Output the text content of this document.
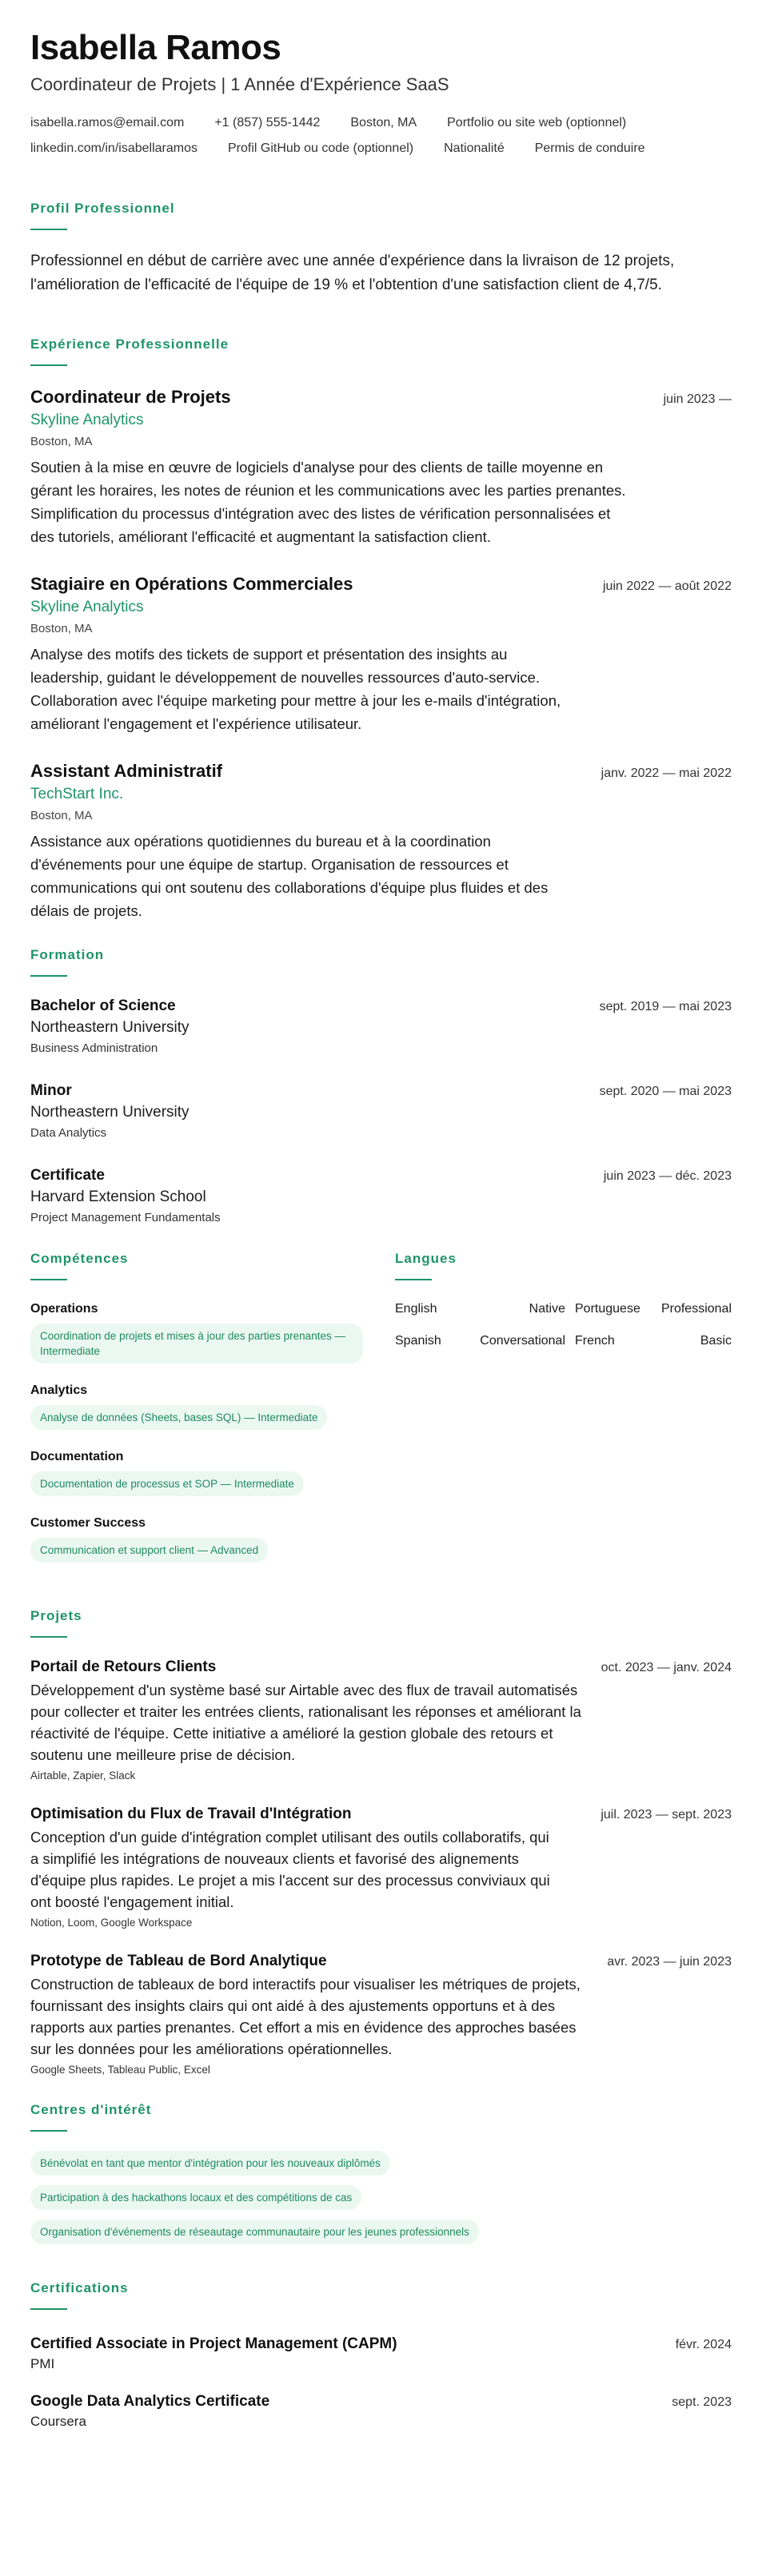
Isabella Ramos
Coordinateur de Projets | 1 Année d'Expérience SaaS
isabella.ramos@email.com +1 (857) 555-1442 Boston, MA Portfolio ou site web (optionnel)
linkedin.com/in/isabellaramos Profil GitHub ou code (optionnel) Nationalité Permis de conduire
Profil Professionnel
Professionnel en début de carrière avec une année d'expérience dans la livraison de 12 projets, l'amélioration de l'efficacité de l'équipe de 19 % et l'obtention d'une satisfaction client de 4,7/5.
Expérience Professionnelle
Coordinateur de Projets	juin 2023 —
Skyline Analytics
Boston, MA
Soutien à la mise en œuvre de logiciels d'analyse pour des clients de taille moyenne en gérant les horaires, les notes de réunion et les communications avec les parties prenantes. Simplification du processus d'intégration avec des listes de vérification personnalisées et des tutoriels, améliorant l'efficacité et augmentant la satisfaction client.
Stagiaire en Opérations Commerciales	juin 2022 — août 2022
Skyline Analytics
Boston, MA
Analyse des motifs des tickets de support et présentation des insights au leadership, guidant le développement de nouvelles ressources d'auto-service. Collaboration avec l'équipe marketing pour mettre à jour les e-mails d'intégration, améliorant l'engagement et l'expérience utilisateur.
Assistant Administratif	janv. 2022 — mai 2022
TechStart Inc.
Boston, MA
Assistance aux opérations quotidiennes du bureau et à la coordination d'événements pour une équipe de startup. Organisation de ressources et communications qui ont soutenu des collaborations d'équipe plus fluides et des délais de projets.
Formation
Bachelor of Science	sept. 2019 — mai 2023
Northeastern University
Business Administration
Minor	sept. 2020 — mai 2023
Northeastern University
Data Analytics
Certificate	juin 2023 — déc. 2023
Harvard Extension School
Project Management Fundamentals
Compétences
Operations
Coordination de projets et mises à jour des parties prenantes — Intermediate
Analytics
Analyse de données (Sheets, bases SQL) — Intermediate
Documentation
Documentation de processus et SOP — Intermediate
Customer Success
Communication et support client — Advanced
Langues
English	Native Portuguese	Professional
Spanish	Conversational French	Basic
Projets
Portail de Retours Clients	oct. 2023 — janv. 2024
Développement d'un système basé sur Airtable avec des flux de travail automatisés pour collecter et traiter les entrées clients, rationalisant les réponses et améliorant la réactivité de l'équipe. Cette initiative a amélioré la gestion globale des retours et soutenu une meilleure prise de décision.
Airtable, Zapier, Slack
Optimisation du Flux de Travail d'Intégration	juil. 2023 — sept. 2023
Conception d'un guide d'intégration complet utilisant des outils collaboratifs, qui a simplifié les intégrations de nouveaux clients et favorisé des alignements d'équipe plus rapides. Le projet a mis l'accent sur des processus conviviaux qui ont boosté l'engagement initial.
Notion, Loom, Google Workspace
Prototype de Tableau de Bord Analytique	avr. 2023 — juin 2023
Construction de tableaux de bord interactifs pour visualiser les métriques de projets, fournissant des insights clairs qui ont aidé à des ajustements opportuns et à des rapports aux parties prenantes. Cet effort a mis en évidence des approches basées sur les données pour les améliorations opérationnelles.
Google Sheets, Tableau Public, Excel
Centres d'intérêt
Bénévolat en tant que mentor d'intégration pour les nouveaux diplômés
Participation à des hackathons locaux et des compétitions de cas
Organisation d'événements de réseautage communautaire pour les jeunes professionnels
Certifications
Certified Associate in Project Management (CAPM)	févr. 2024
PMI
Google Data Analytics Certificate	sept. 2023
Coursera
